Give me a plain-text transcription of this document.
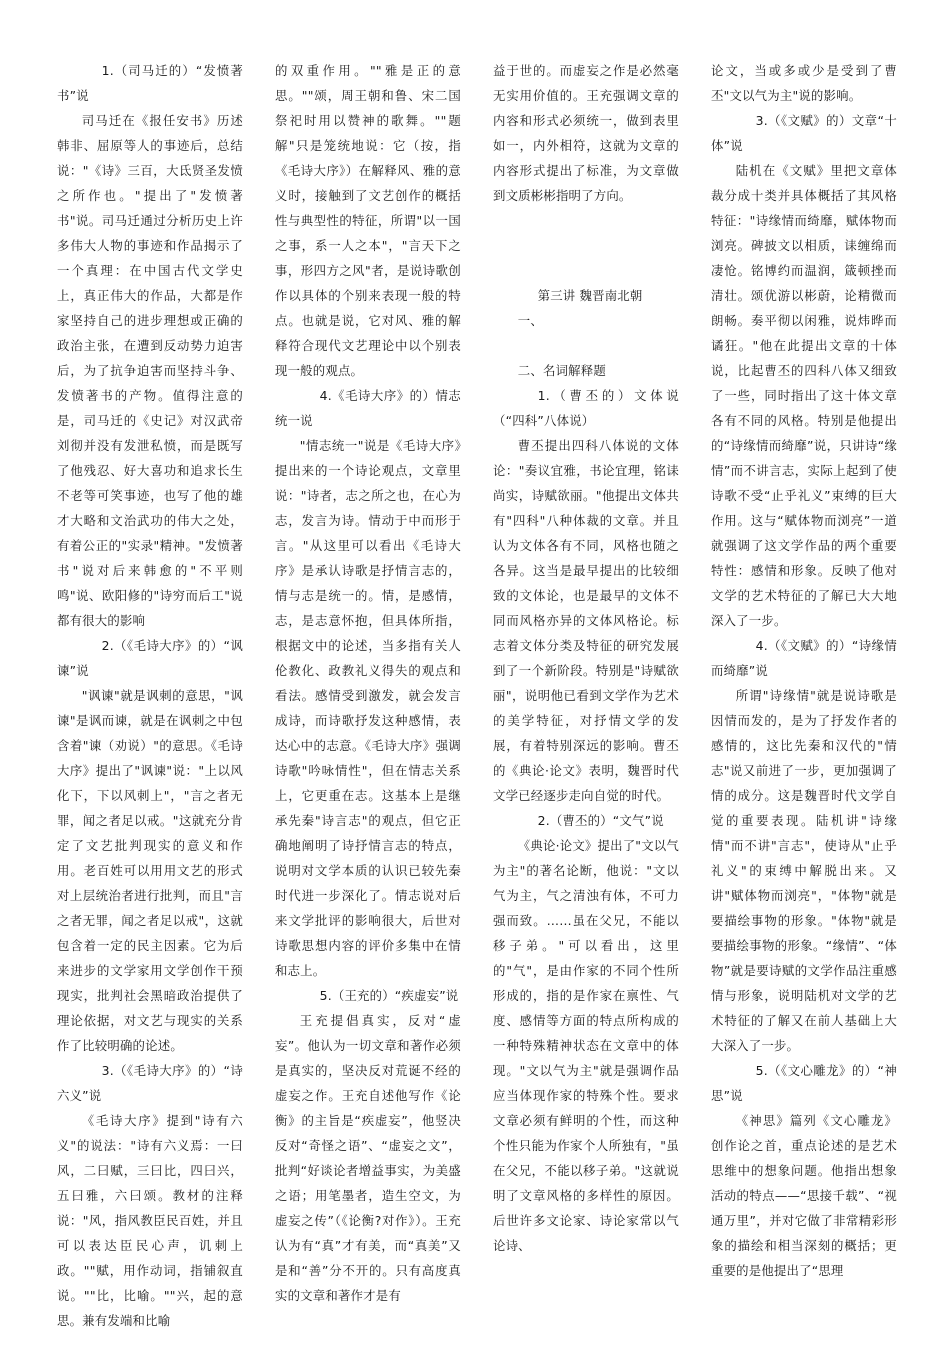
1.（司马迁的）“发愤著书”说

司马迁在《报任安书》历述韩非、屈原等人的事迹后，总结说："《诗》三百，大氐贤圣发愤之所作也。"提出了"发愤著书"说。司马迁通过分析历史上许多伟大人物的事迹和作品揭示了一个真理：在中国古代文学史上，真正伟大的作品，大都是作家坚持自己的进步理想或正确的政治主张，在遭到反动势力迫害后，为了抗争迫害而坚持斗争、发愤著书的产物。值得注意的是，司马迁的《史记》对汉武帝刘彻并没有发泄私愤，而是既写了他残忍、好大喜功和追求长生不老等可笑事迹，也写了他的雄才大略和文治武功的伟大之处，有着公正的"实录"精神。"发愤著书"说对后来韩愈的"不平则鸣"说、欧阳修的"诗穷而后工"说都有很大的影响

2.（《毛诗大序》的）“讽谏”说

"讽谏"就是讽刺的意思，"讽谏"是讽而谏，就是在讽刺之中包含着"谏（劝说）"的意思。《毛诗大序》提出了"讽谏"说："上以风化下，下以风刺上"，"言之者无罪，闻之者足以戒。"这就充分肯定了文艺批判现实的意义和作用。老百姓可以用用文艺的形式对上层统治者进行批判，而且"言之者无罪，闻之者足以戒"，这就包含着一定的民主因素。它为后来进步的文学家用文学创作干预现实，批判社会黑暗政治提供了理论依据，对文艺与现实的关系作了比较明确的论述。

3.（《毛诗大序》的）“诗六义”说

《毛诗大序》提到"诗有六义"的说法："诗有六义焉：一曰风，二曰赋，三曰比，四曰兴，五曰雅，六曰颂。教材的注释说："风，指风教臣民百姓，并且可以表达臣民心声，讥刺上政。""赋，用作动词，指铺叙直说。""比，比喻。""兴，起的意思。兼有发端和比喻

的双重作用。""雅是正的意思。""颂，周王朝和鲁、宋二国祭祀时用以赞神的歌舞。""题解"只是笼统地说：它（按，指《毛诗大序》）在解释风、雅的意义时，接触到了文艺创作的概括性与典型性的特征，所谓"以一国之事，系一人之本"，"言天下之事，形四方之风"者，是说诗歌创作以具体的个别来表现一般的特点。也就是说，它对风、雅的解释符合现代文艺理论中以个别表现一般的观点。

4.《毛诗大序》的）情志统一说

"情志统一"说是《毛诗大序》提出来的一个诗论观点，文章里说："诗者，志之所之也，在心为志，发言为诗。情动于中而形于言。"从这里可以看出《毛诗大序》是承认诗歌是抒情言志的，情与志是统一的。情，是感情，志，是志意怀抱，但具体所指，根据文中的论述，当多指有关人伦教化、政教礼义得失的观点和看法。感情受到激发，就会发言成诗，而诗歌抒发这种感情，表达心中的志意。《毛诗大序》强调诗歌"吟咏情性"，但在情志关系上，它更重在志。这基本上是继承先秦"诗言志"的观点，但它正确地阐明了诗抒情言志的特点，说明对文学本质的认识已较先秦时代进一步深化了。情志说对后来文学批评的影响很大，后世对诗歌思想内容的评价多集中在情和志上。

5.（王充的）“疾虚妄”说

王充提倡真实，反对“虚妄”。他认为一切文章和著作必须是真实的，坚决反对荒诞不经的虚妄之作。王充自述他写作《论衡》的主旨是“疾虚妄”，他竖决反对“奇怪之语”、“虚妄之文”，批判“好谈论者增益事实，为美盛之语；用笔墨者，造生空文，为虚妄之传”（《论衡?对作》）。王充认为有“真”才有美，而“真美”又是和“善”分不开的。只有高度真实的文章和著作才是有

益于世的。而虚妄之作是必然毫无实用价值的。王充强调文章的内容和形式必须统一，做到表里如一，内外相符，这就为文章的内容形式提出了标准，为文章做到文质彬彬指明了方向。

第三讲 魏晋南北朝

一、

二、名词解释题

1.（曹丕的）文体说（“四科”八体说）

曹丕提出四科八体说的文体论："奏议宜雅，书论宜理，铭诔尚实，诗赋欲丽。"他提出文体共有"四科"八种体裁的文章。并且认为文体各有不同，风格也随之各异。这当是最早提出的比较细致的文体论，也是最早的文体不同而风格亦异的文体风格论。标志着文体分类及特征的研究发展到了一个新阶段。特别是"诗赋欲丽"，说明他已看到文学作为艺术的美学特征，对抒情文学的发展，有着特别深远的影响。曹丕的《典论·论文》表明，魏晋时代文学已经逐步走向自觉的时代。

2.（曹丕的）“文气”说

《典论·论文》提出了"文以气为主"的著名论断，他说："文以气为主，气之清浊有体，不可力强而致。……虽在父兄，不能以移子弟。"可以看出，这里的"气"，是由作家的不同个性所形成的，指的是作家在禀性、气度、感情等方面的特点所构成的一种特殊精神状态在文章中的体现。"文以气为主"就是强调作品应当体现作家的特殊个性。要求文章必须有鲜明的个性，而这种个性只能为作家个人所独有，"虽在父兄，不能以移子弟。"这就说明了文章风格的多样性的原因。后世许多文论家、诗论家常以气论诗、

论文，当或多或少是受到了曹丕"文以气为主"说的影响。

3.（《文赋》的）文章“十体”说

陆机在《文赋》里把文章体裁分成十类并具体概括了其风格特征："诗缘情而绮靡，赋体物而浏亮。碑披文以相质，诔缠绵而凄怆。铭博约而温润，箴顿挫而清壮。颂优游以彬蔚，论精微而朗畅。奏平彻以闲雅，说炜晔而谲狂。"他在此提出文章的十体说，比起曹丕的四科八体又细致了一些，同时指出了这十体文章各有不同的风格。特别是他提出的“诗缘情而绮靡”说，只讲诗“缘情”而不讲言志，实际上起到了使诗歌不受“止乎礼义”束缚的巨大作用。这与“赋体物而浏亮”一道就强调了这文学作品的两个重要特性：感情和形象。反映了他对文学的艺术特征的了解已大大地深入了一步。

4.（《文赋》的）“诗缘情而绮靡”说

所谓"诗缘情"就是说诗歌是因情而发的，是为了抒发作者的感情的，这比先秦和汉代的"情志"说又前进了一步，更加强调了情的成分。这是魏晋时代文学自觉的重要表现。陆机讲"诗缘情"而不讲"言志"，使诗从"止乎礼义"的束缚中解脱出来。又讲"赋体物而浏亮"，"体物"就是要描绘事物的形象。"体物"就是要描绘事物的形象。“缘情”、“体物”就是要诗赋的文学作品注重感情与形象，说明陆机对文学的艺术特征的了解又在前人基础上大大深入了一步。

5.（《文心雕龙》的）“神思”说

《神思》篇列《文心雕龙》创作论之首，重点论述的是艺术思维中的想象问题。他指出想象活动的特点——“思接千载”、“视通万里”，并对它做了非常精彩形象的描绘和相当深刻的概括；更重要的是他提出了“思理
